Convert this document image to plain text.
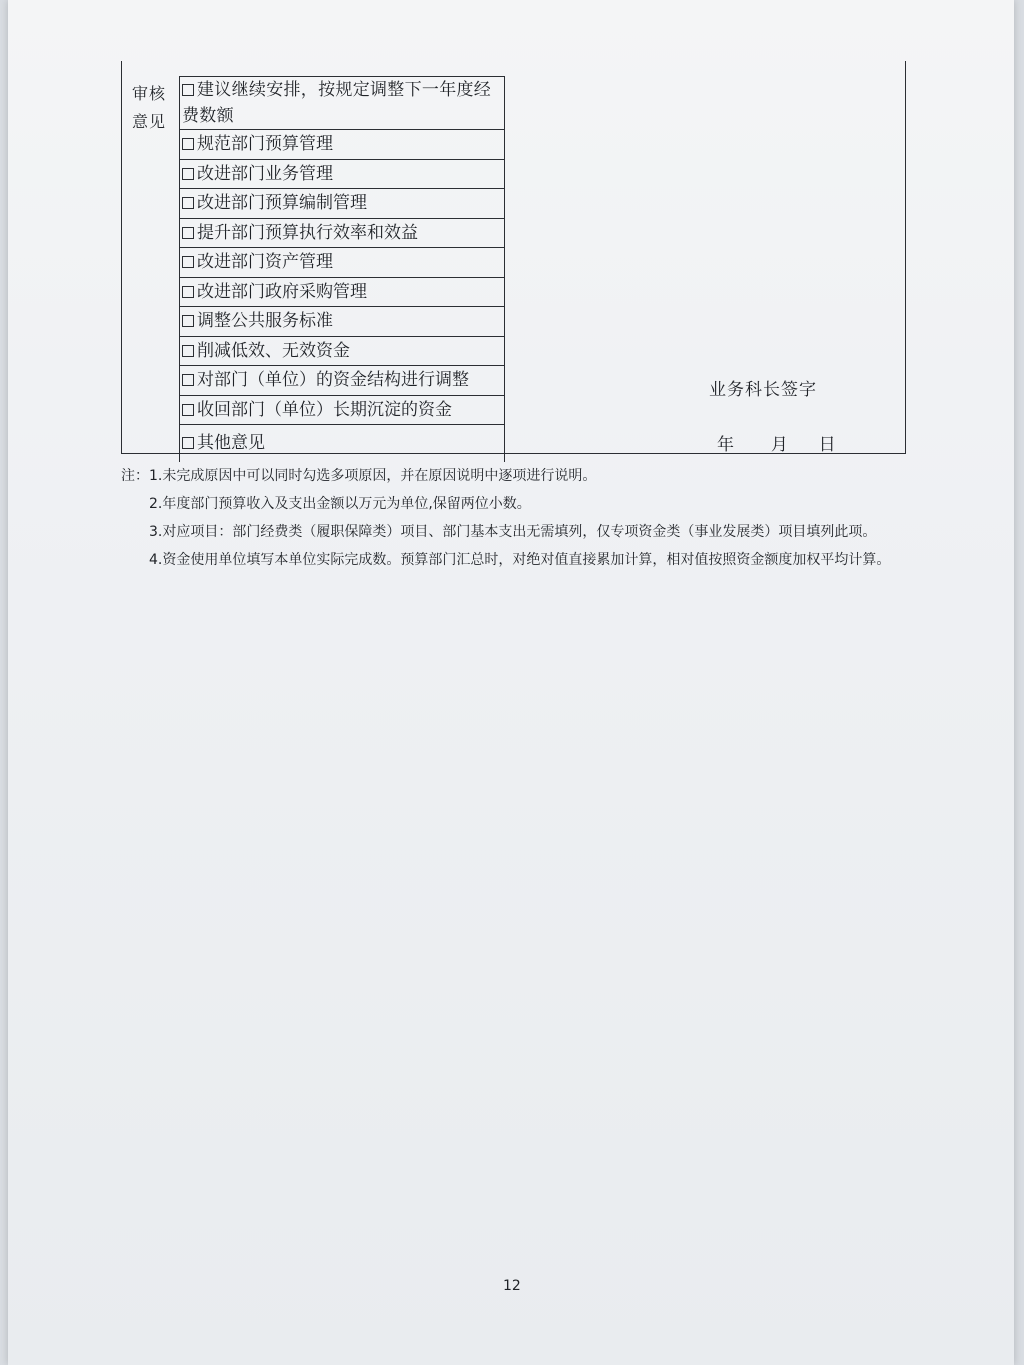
审核意见
建议继续安排，按规定调整下一年度经费数额
规范部门预算管理
改进部门业务管理
改进部门预算编制管理
提升部门预算执行效率和效益
改进部门资产管理
改进部门政府采购管理
调整公共服务标准
削减低效、无效资金
对部门（单位）的资金结构进行调整
收回部门（单位）长期沉淀的资金
其他意见
业务科长签字
年 月 日

注：1.未完成原因中可以同时勾选多项原因，并在原因说明中逐项进行说明。

2.年度部门预算收入及支出金额以万元为单位,保留两位小数。

3.对应项目：部门经费类（履职保障类）项目、部门基本支出无需填列，仅专项资金类（事业发展类）项目填列此项。

4.资金使用单位填写本单位实际完成数。预算部门汇总时，对绝对值直接累加计算，相对值按照资金额度加权平均计算。

12
